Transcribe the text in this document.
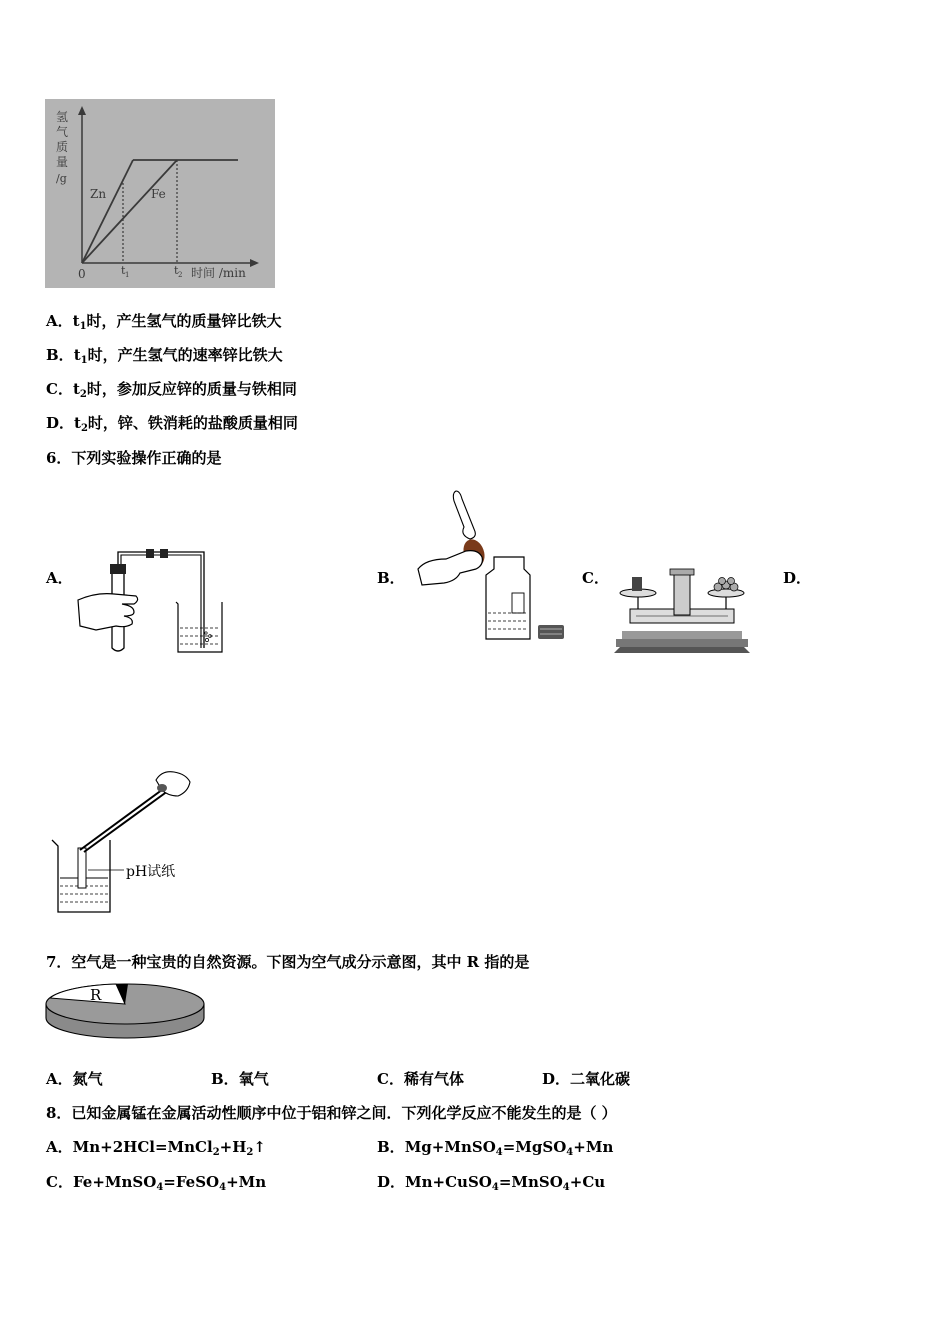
氢
气
质
量
/g
Zn	Fe
0	t 1	t 2 时间 /min
A．$t_1$时，产生氢气的质量锌比铁大
B．$t_1$时，产生氢气的速率锌比铁大
C．$t_2$时，参加反应锌的质量与铁相同
D．$t_2$时，锌、铁消耗的盐酸质量相同
6．下列实验操作正确的是
A．	B．	C．	D．
pH试纸
7．空气是一种宝贵的自然资源。下图为空气成分示意图，其中 R 指的是
R
A．氮气	B．氧气	C．稀有气体	D．二氧化碳
8．已知金属锰在金属活动性顺序中位于铝和锌之间．下列化学反应不能发生的是（ ）
A．$Mn+2HCl=MnCl_2+H_2↑$	B．Mg+MnSO$_4$=MgSO$_4$+Mn
C．Fe+MnSO$_4$=FeSO$_4$+Mn	D．Mn+CuSO$_4$=MnSO$_4$+Cu
